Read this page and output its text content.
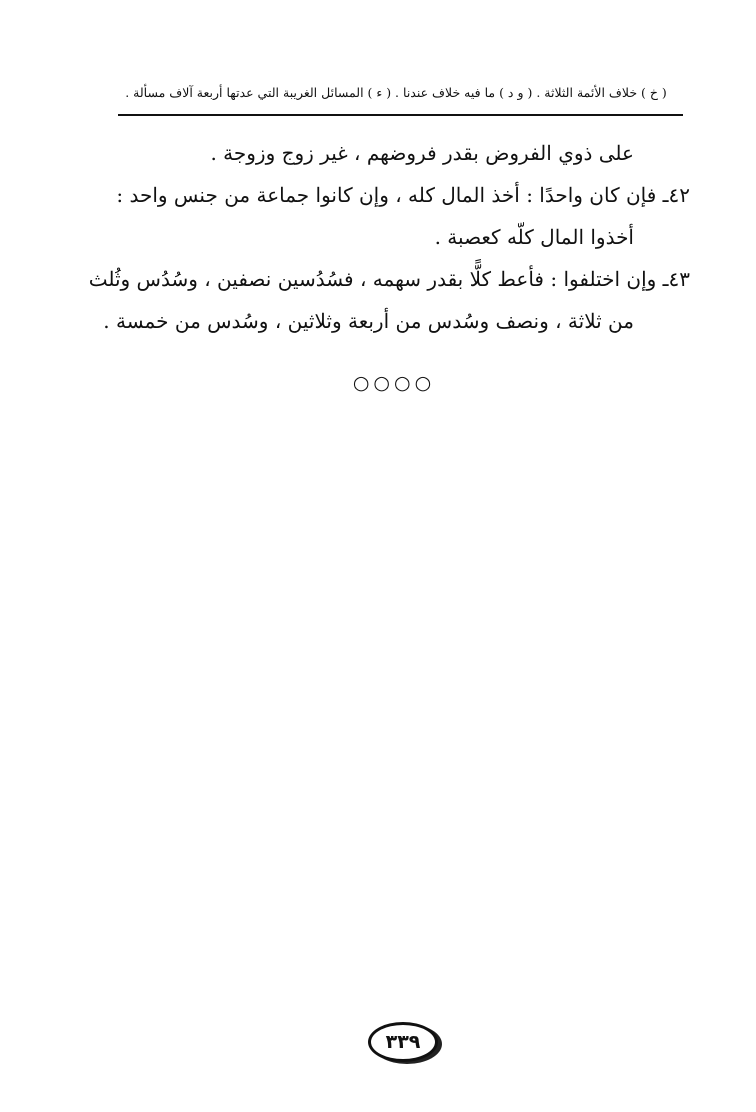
( خ ) خلاف الأئمة الثلاثة . ( و د ) ما فيه خلاف عندنا . ( ء ) المسائل الغريبة التي عدتها أربعة آلاف مسألة .
على ذوي الفروض بقدر فروضهم ، غير زوج وزوجة .
٤٢ـ فإن كان واحدًا : أخذ المال كله ، وإن كانوا جماعة من جنس واحد :
أخذوا المال كلّه كعصبة .
٤٣ـ وإن اختلفوا : فأعط كلًّا بقدر سهمه ، فسُدُسين نصفين ، وسُدُس وثُلث
من ثلاثة ، ونصف وسُدس من أربعة وثلاثين ، وسُدس من خمسة .
○○○○
٣٣٩
